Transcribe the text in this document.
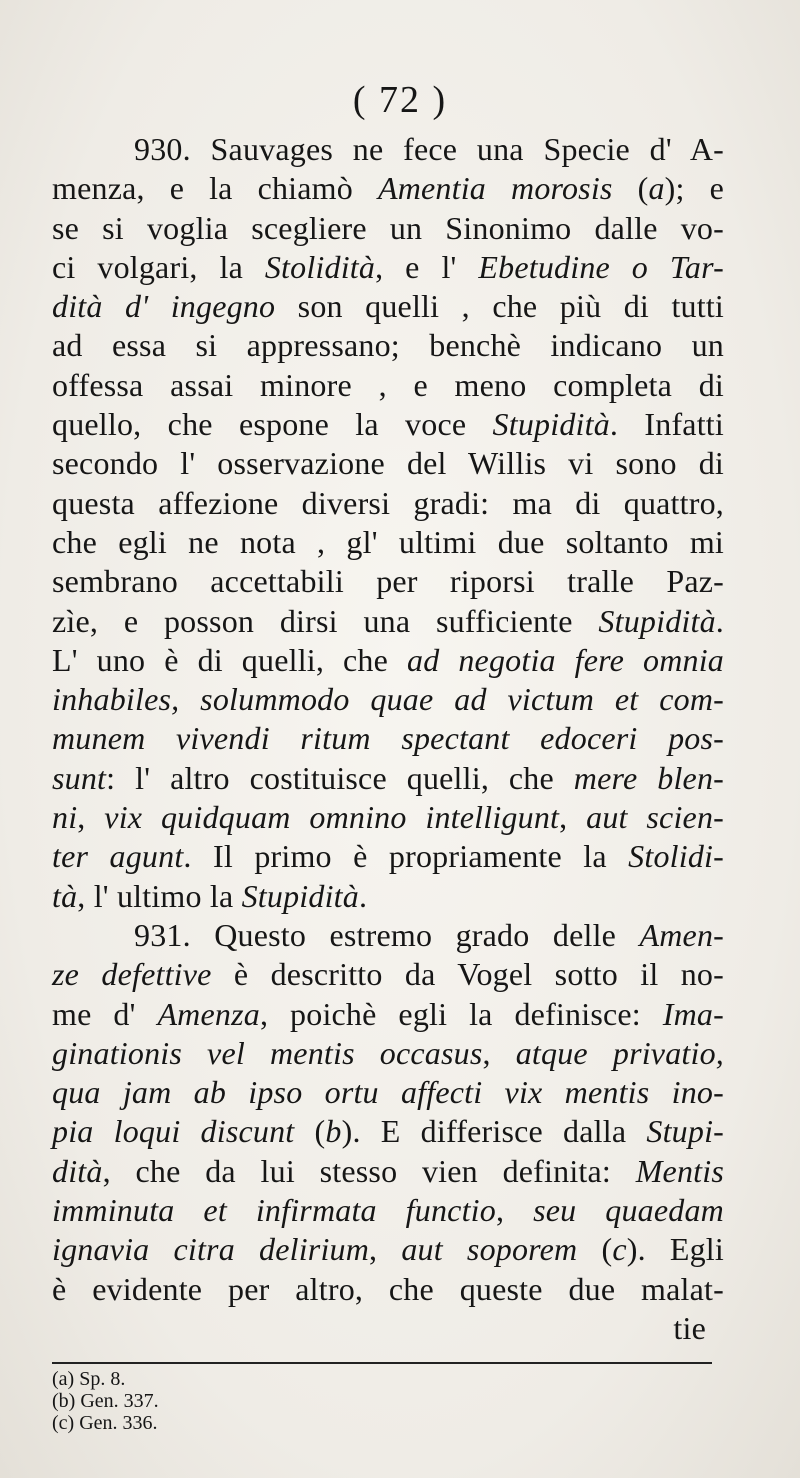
( 72 )
930. Sauvages ne fece una Specie d' A-
menza, e la chiamò Amentia morosis (a); e
se si voglia scegliere un Sinonimo dalle vo-
ci volgari, la Stolidità, e l' Ebetudine o Tar-
dità d' ingegno son quelli , che più di tutti
ad essa si appressano; benchè indicano un
offessa assai minore , e meno completa di
quello, che espone la voce Stupidità. Infatti
secondo l' osservazione del Willis vi sono di
questa affezione diversi gradi: ma di quattro,
che egli ne nota , gl' ultimi due soltanto mi
sembrano accettabili per riporsi tralle Paz-
zìe, e posson dirsi una sufficiente Stupidità.
L' uno è di quelli, che ad negotia fere omnia
inhabiles, solummodo quae ad victum et com-
munem vivendi ritum spectant edoceri pos-
sunt: l' altro costituisce quelli, che mere blen-
ni, vix quidquam omnino intelligunt, aut scien-
ter agunt. Il primo è propriamente la Stolidi-
tà, l' ultimo la Stupidità.
931. Questo estremo grado delle Amen-
ze defettive è descritto da Vogel sotto il no-
me d' Amenza, poichè egli la definisce: Ima-
ginationis vel mentis occasus, atque privatio,
qua jam ab ipso ortu affecti vix mentis ino-
pia loqui discunt (b). E differisce dalla Stupi-
dità, che da lui stesso vien definita: Mentis
imminuta et infirmata functio, seu quaedam
ignavia citra delirium, aut soporem (c). Egli
è evidente per altro, che queste due malat-
tie
(a) Sp. 8.
(b) Gen. 337.
(c) Gen. 336.
